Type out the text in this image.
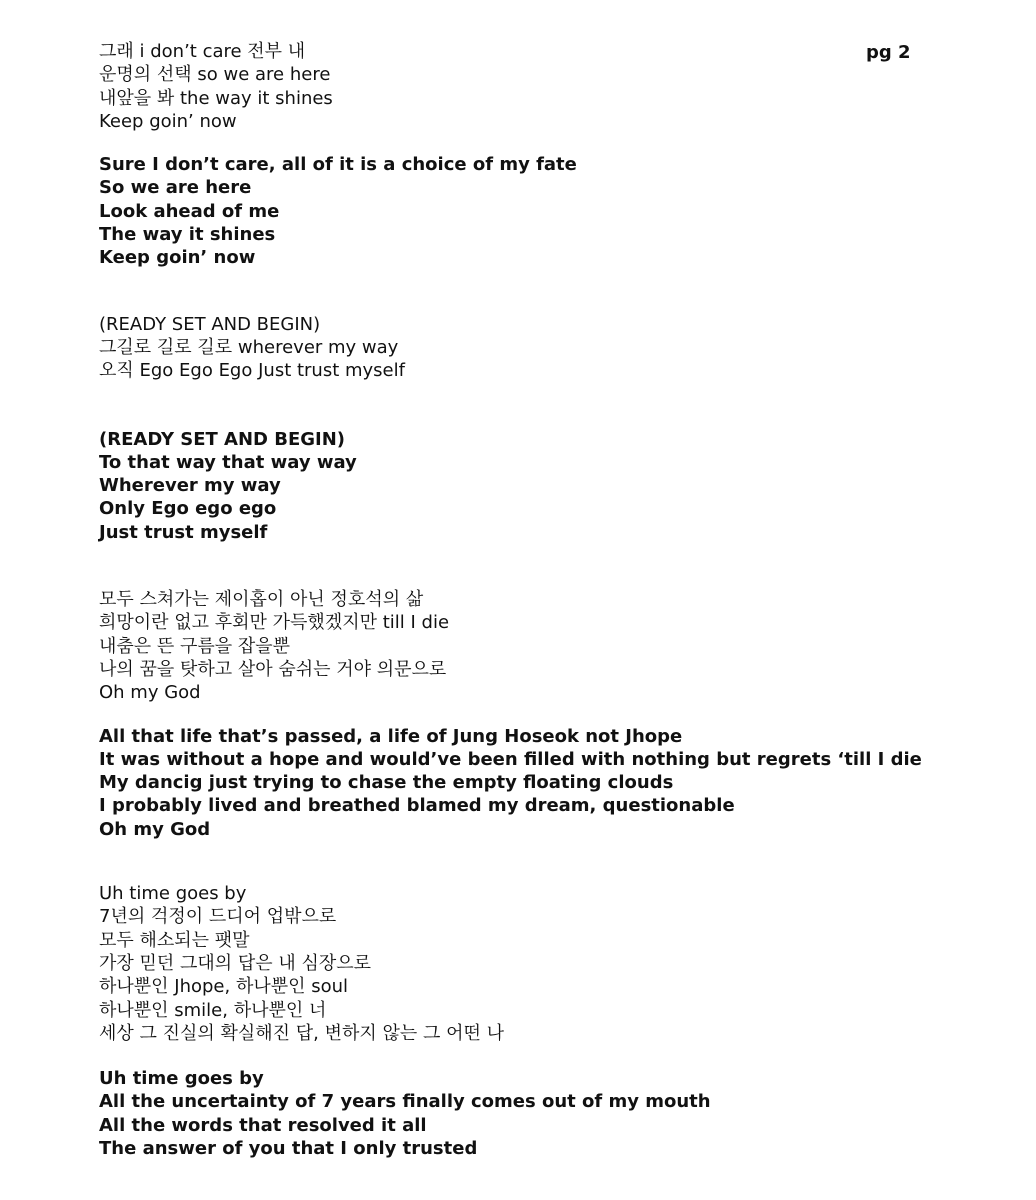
pg 2
그래 i don’t care 전부 내
운명의 선택 so we are here
내앞을 봐 the way it shines
Keep goin’ now
Sure I don’t care, all of it is a choice of my fate
So we are here
Look ahead of me
The way it shines
Keep goin’ now
(READY SET AND BEGIN)
그길로 길로 길로 wherever my way
오직 Ego Ego Ego Just trust myself
(READY SET AND BEGIN)
To that way that way way
Wherever my way
Only Ego ego ego
Just trust myself
모두 스쳐가는 제이홉이 아닌 정호석의 삶
희망이란 없고 후회만 가득했겠지만 till I die
내춤은 뜬 구름을 잡을뿐
나의 꿈을 탓하고 살아 숨쉬는 거야 의문으로
Oh my God
All that life that’s passed, a life of Jung Hoseok not Jhope
It was without a hope and would’ve been filled with nothing but regrets ‘till I die
My dancig just trying to chase the empty floating clouds
I probably lived and breathed blamed my dream, questionable
Oh my God
Uh time goes by
7년의 걱정이 드디어 업밖으로
모두 해소되는 팻말
가장 믿던 그대의 답은 내 심장으로
하나뿐인 Jhope, 하나뿐인 soul
하나뿐인 smile, 하나뿐인 너
세상 그 진실의 확실해진 답, 변하지 않는 그 어떤 나
Uh time goes by
All the uncertainty of 7 years finally comes out of my mouth
All the words that resolved it all
The answer of you that I only trusted
